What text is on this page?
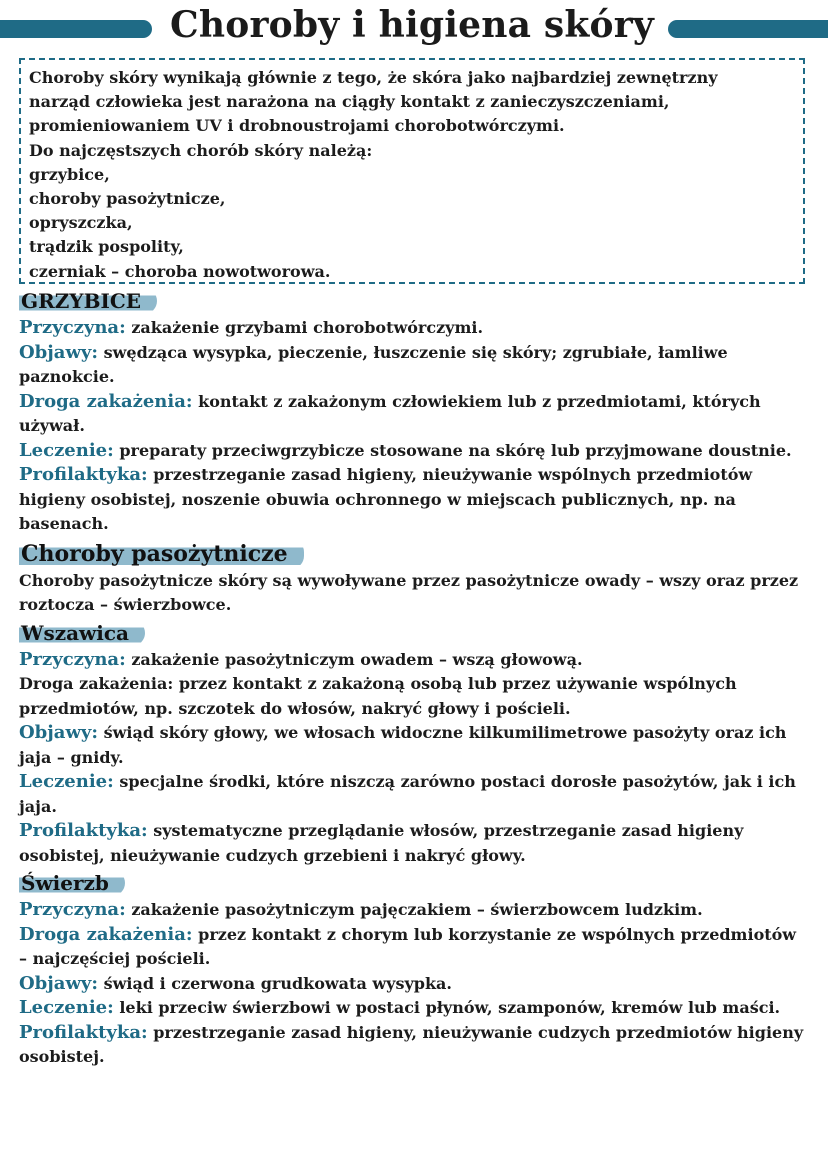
Choroby i higiena skóry

Choroby skóry wynikają głównie z tego, że skóra jako najbardziej zewnętrzny

narząd człowieka jest narażona na ciągły kontakt z zanieczyszczeniami,

promieniowaniem UV i drobnoustrojami chorobotwórczymi.

Do najczęstszych chorób skóry należą:

grzybice,

choroby pasożytnicze,

opryszczka,

trądzik pospolity,

czerniak – choroba nowotworowa.

GRZYBICE

Przyczyna: zakażenie grzybami chorobotwórczymi.

Objawy: swędząca wysypka, pieczenie, łuszczenie się skóry; zgrubiałe, łamliwe paznokcie.

Droga zakażenia: kontakt z zakażonym człowiekiem lub z przedmiotami, których używał.

Leczenie: preparaty przeciwgrzybicze stosowane na skórę lub przyjmowane doustnie.

Profilaktyka: przestrzeganie zasad higieny, nieużywanie wspólnych przedmiotów higieny osobistej, noszenie obuwia ochronnego w miejscach publicznych, np. na basenach.

Choroby pasożytnicze

Choroby pasożytnicze skóry są wywoływane przez pasożytnicze owady – wszy oraz przez roztocza – świerzbowce.

Wszawica

Przyczyna: zakażenie pasożytniczym owadem – wszą głowową.

Droga zakażenia: przez kontakt z zakażoną osobą lub przez używanie wspólnych przedmiotów, np. szczotek do włosów, nakryć głowy i pościeli.

Objawy: świąd skóry głowy, we włosach widoczne kilkumilimetrowe pasożyty oraz ich jaja – gnidy.

Leczenie: specjalne środki, które niszczą zarówno postaci dorosłe pasożytów, jak i ich jaja.

Profilaktyka: systematyczne przeglądanie włosów, przestrzeganie zasad higieny osobistej, nieużywanie cudzych grzebieni i nakryć głowy.

Świerzb

Przyczyna: zakażenie pasożytniczym pajęczakiem – świerzbowcem ludzkim.

Droga zakażenia: przez kontakt z chorym lub korzystanie ze wspólnych przedmiotów – najczęściej pościeli.

Objawy: świąd i czerwona grudkowata wysypka.

Leczenie: leki przeciw świerzbowi w postaci płynów, szamponów, kremów lub maści.

Profilaktyka: przestrzeganie zasad higieny, nieużywanie cudzych przedmiotów higieny osobistej.
